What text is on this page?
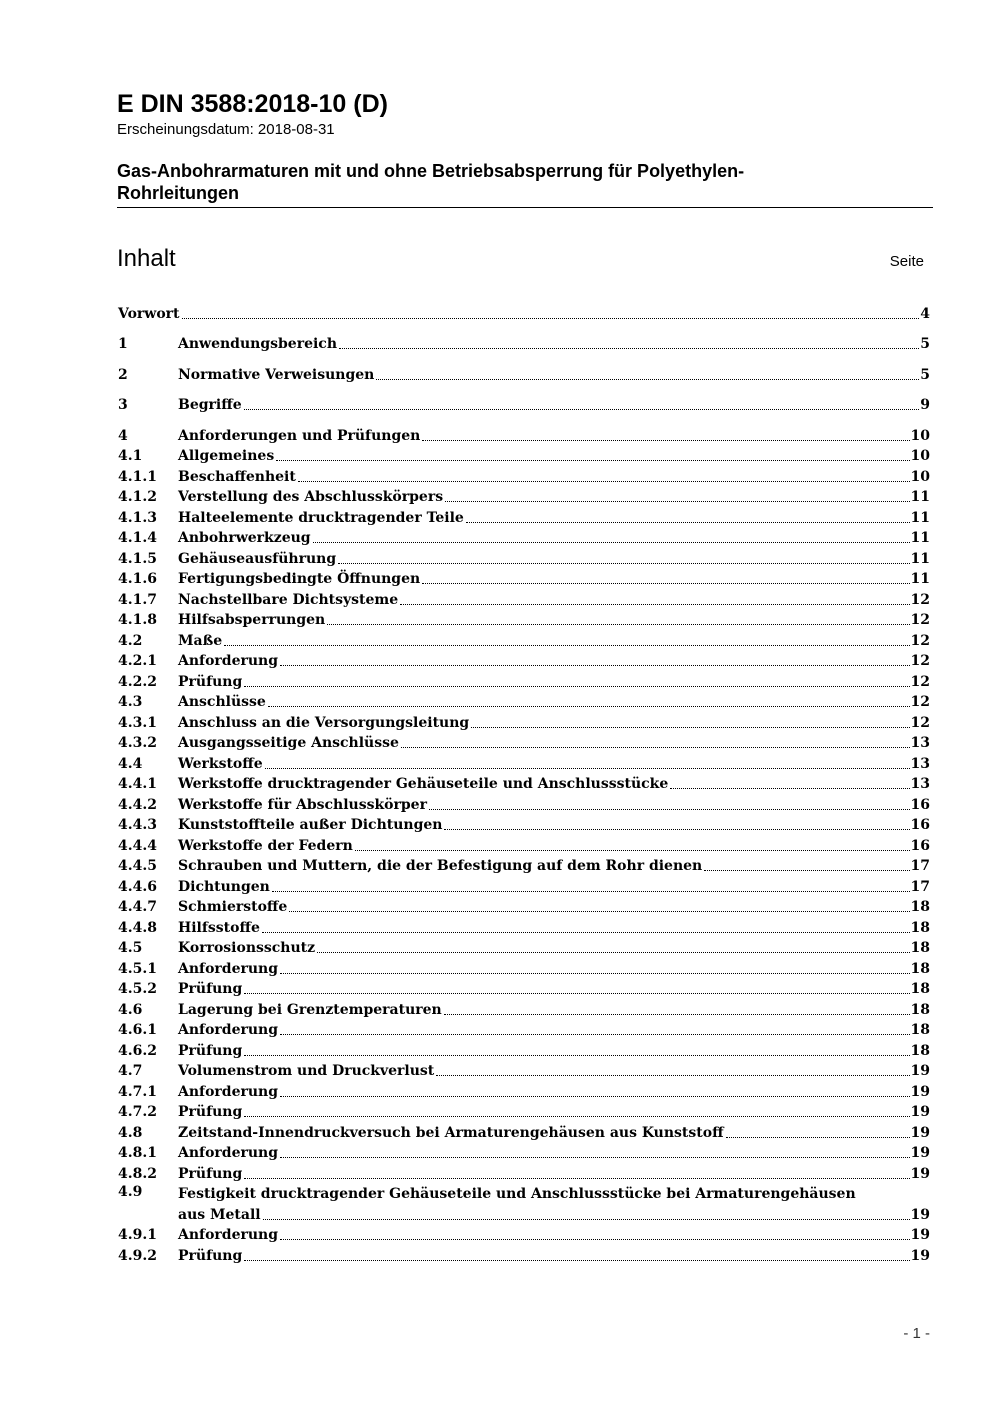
E DIN 3588:2018-10 (D)
Erscheinungsdatum: 2018-08-31
Gas-Anbohrarmaturen mit und ohne Betriebsabsperrung für Polyethylen-
Rohrleitungen
Inhalt	Seite
Vorwort	4
1	Anwendungsbereich	5
2	Normative Verweisungen	5
3	Begriffe	9
4	Anforderungen und Prüfungen	10
4.1	Allgemeines	10
4.1.1	Beschaffenheit	10
4.1.2	Verstellung des Abschlusskörpers	11
4.1.3	Halteelemente drucktragender Teile	11
4.1.4	Anbohrwerkzeug	11
4.1.5	Gehäuseausführung	11
4.1.6	Fertigungsbedingte Öffnungen	11
4.1.7	Nachstellbare Dichtsysteme	12
4.1.8	Hilfsabsperrungen	12
4.2	Maße	12
4.2.1	Anforderung	12
4.2.2	Prüfung	12
4.3	Anschlüsse	12
4.3.1	Anschluss an die Versorgungsleitung	12
4.3.2	Ausgangsseitige Anschlüsse	13
4.4	Werkstoffe	13
4.4.1	Werkstoffe drucktragender Gehäuseteile und Anschlussstücke	13
4.4.2	Werkstoffe für Abschlusskörper	16
4.4.3	Kunststoffteile außer Dichtungen	16
4.4.4	Werkstoffe der Federn	16
4.4.5	Schrauben und Muttern, die der Befestigung auf dem Rohr dienen	17
4.4.6	Dichtungen	17
4.4.7	Schmierstoffe	18
4.4.8	Hilfsstoffe	18
4.5	Korrosionsschutz	18
4.5.1	Anforderung	18
4.5.2	Prüfung	18
4.6	Lagerung bei Grenztemperaturen	18
4.6.1	Anforderung	18
4.6.2	Prüfung	18
4.7	Volumenstrom und Druckverlust	19
4.7.1	Anforderung	19
4.7.2	Prüfung	19
4.8	Zeitstand-Innendruckversuch bei Armaturengehäusen aus Kunststoff	19
4.8.1	Anforderung	19
4.8.2	Prüfung	19
4.9	Festigkeit drucktragender Gehäuseteile und Anschlussstücke bei Armaturengehäusen
aus Metall	19
4.9.1	Anforderung	19
4.9.2	Prüfung	19
- 1 -
